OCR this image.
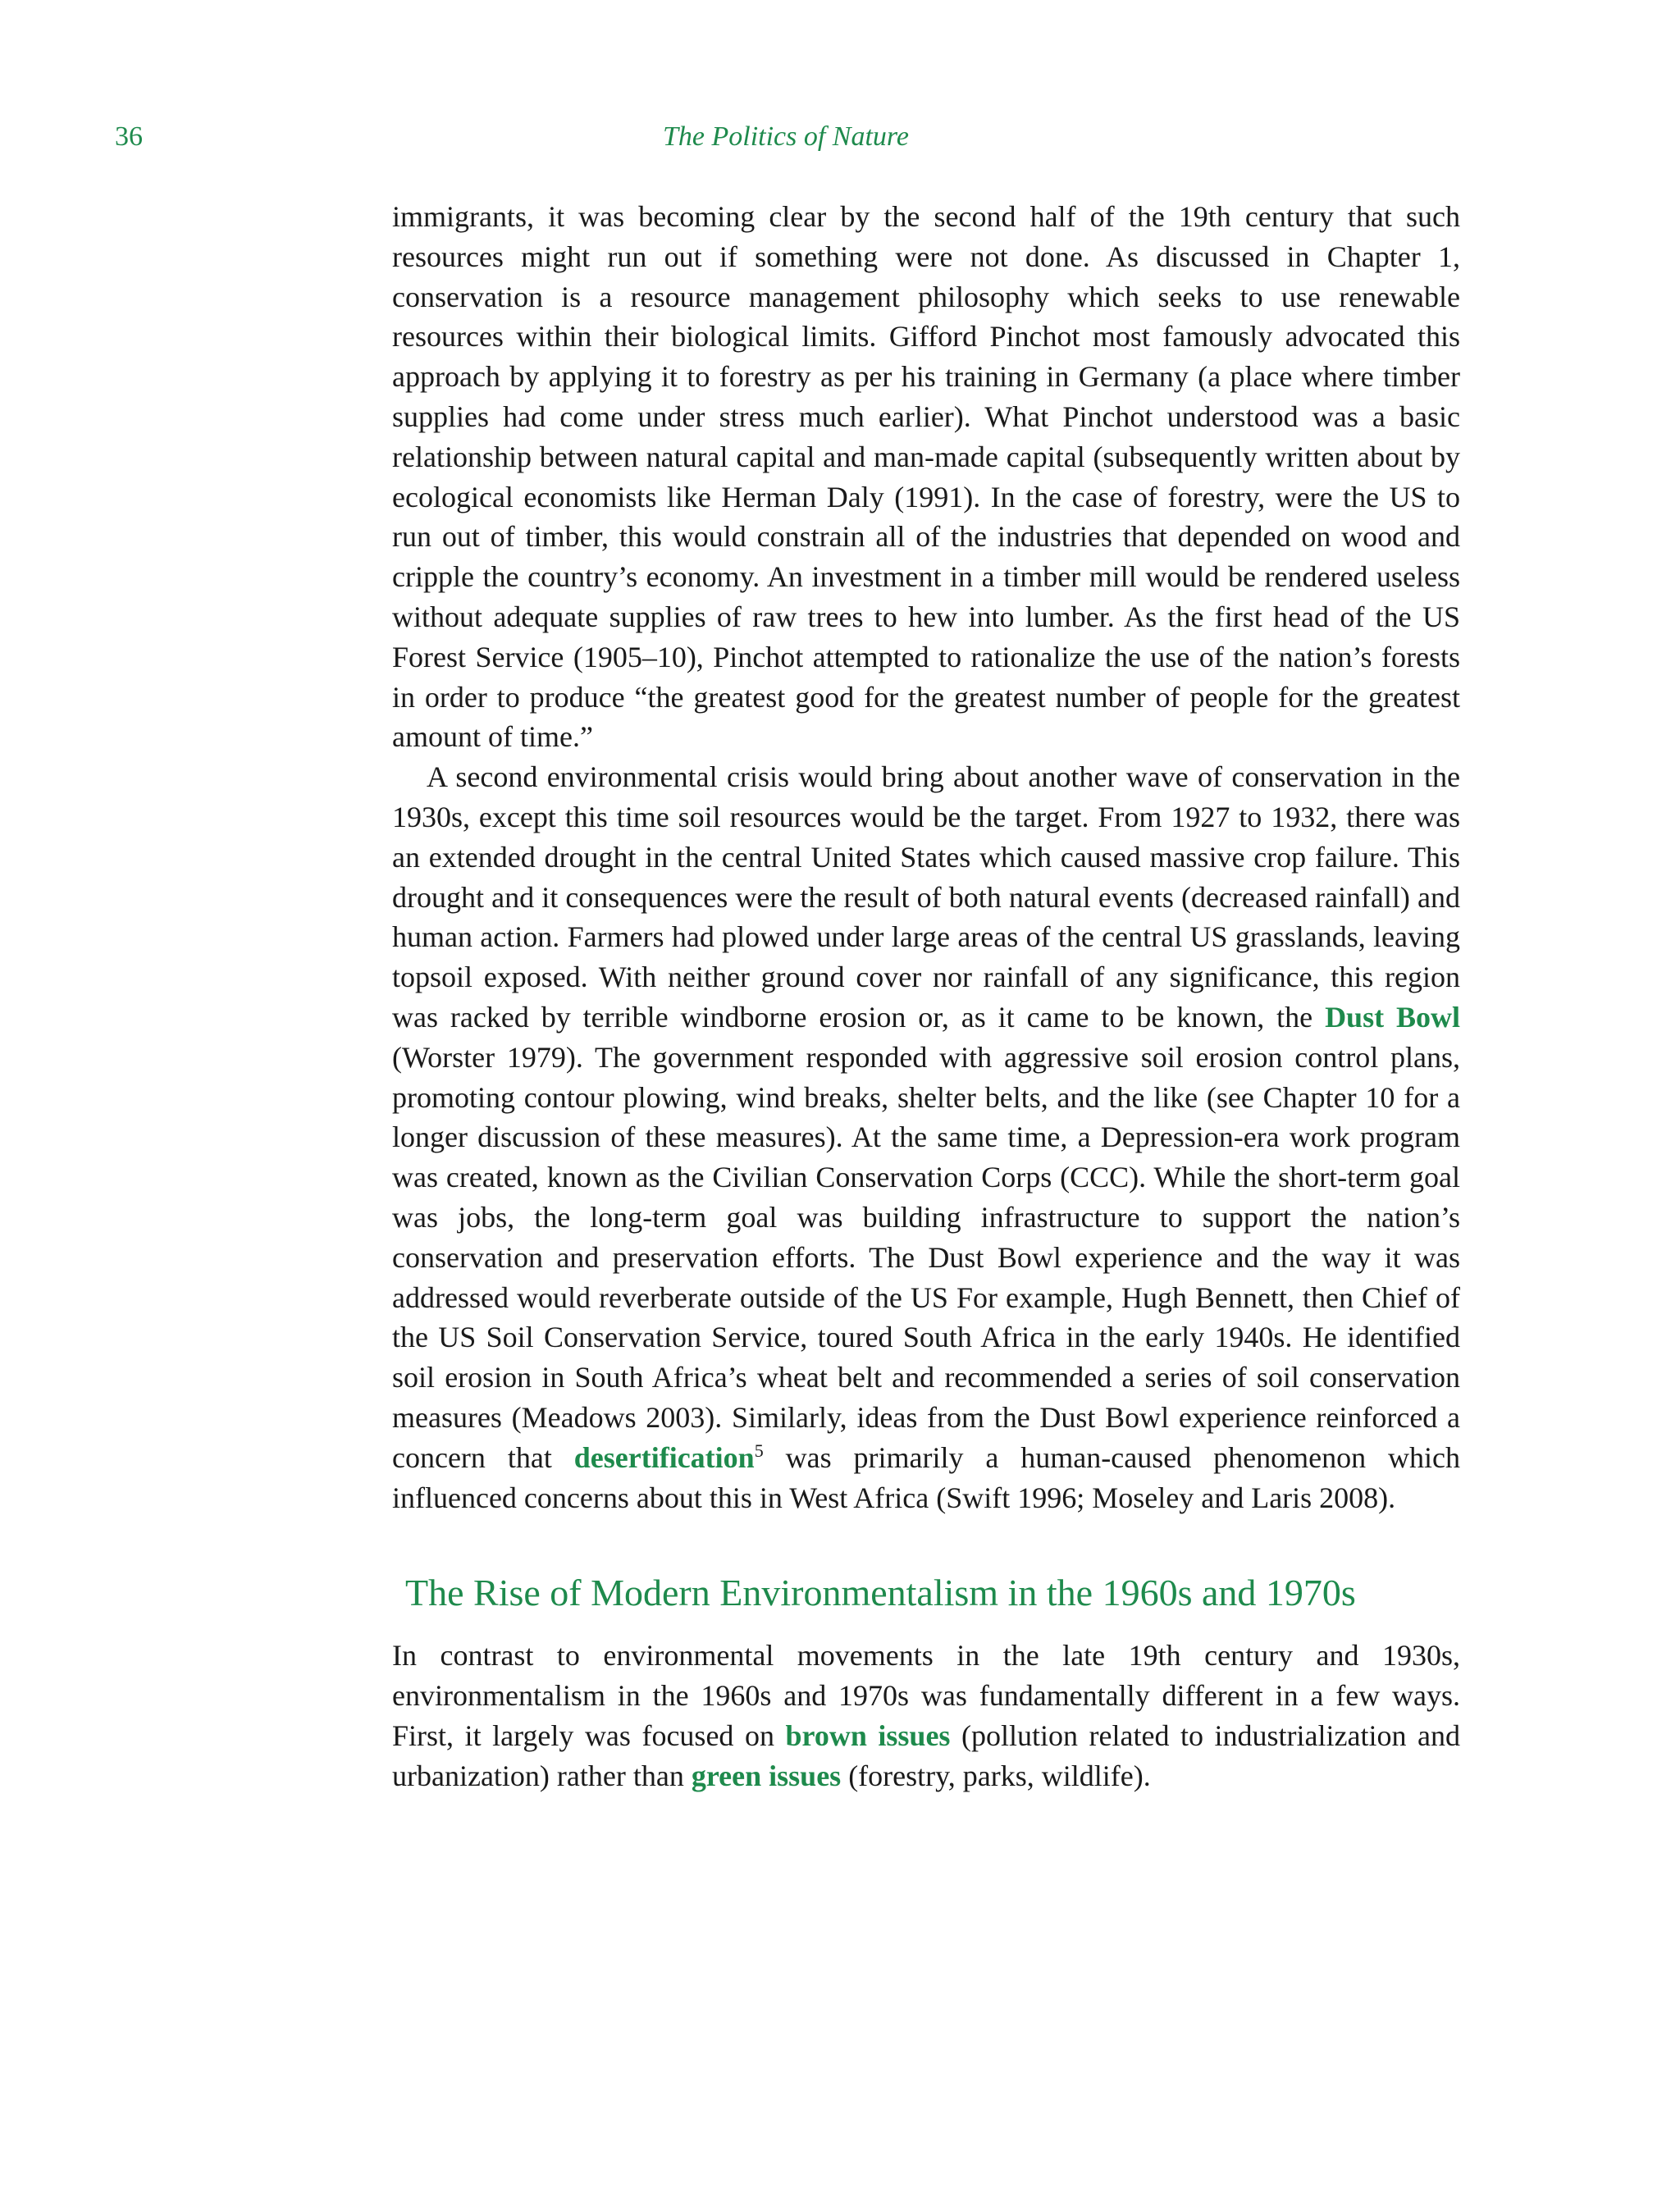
36	The Politics of Nature

immigrants, it was becoming clear by the second half of the 19th century that such resources might run out if something were not done. As discussed in Chapter 1, conservation is a resource management philosophy which seeks to use renewable resources within their biological limits. Gifford Pinchot most famously advocated this approach by applying it to forestry as per his training in Germany (a place where timber supplies had come under stress much earlier). What Pinchot understood was a basic relationship between natural capital and man-made capital (subsequently written about by ecological economists like Herman Daly (1991). In the case of forestry, were the US to run out of timber, this would constrain all of the industries that depended on wood and cripple the country’s economy. An investment in a timber mill would be rendered useless without adequate supplies of raw trees to hew into lumber. As the first head of the US Forest Service (1905–10), Pinchot attempted to rationalize the use of the nation’s forests in order to produce “the greatest good for the greatest number of people for the greatest amount of time.”

A second environmental crisis would bring about another wave of conservation in the 1930s, except this time soil resources would be the target. From 1927 to 1932, there was an extended drought in the central United States which caused massive crop failure. This drought and it consequences were the result of both natural events (decreased rainfall) and human action. Farmers had plowed under large areas of the central US grasslands, leaving topsoil exposed. With neither ground cover nor rainfall of any significance, this region was racked by terrible windborne erosion or, as it came to be known, the Dust Bowl (Worster 1979). The government responded with aggressive soil erosion control plans, promoting contour plowing, wind breaks, shelter belts, and the like (see Chapter 10 for a longer discussion of these measures). At the same time, a Depression-era work program was created, known as the Civilian Conservation Corps (CCC). While the short-term goal was jobs, the long-term goal was building infrastructure to support the nation’s conservation and preservation efforts. The Dust Bowl experience and the way it was addressed would reverberate outside of the US For example, Hugh Bennett, then Chief of the US Soil Conservation Service, toured South Africa in the early 1940s. He identified soil erosion in South Africa’s wheat belt and recommended a series of soil conservation measures (Meadows 2003). Similarly, ideas from the Dust Bowl experience reinforced a concern that desertification$^5$ was primarily a human-caused phenomenon which influenced concerns about this in West Africa (Swift 1996; Moseley and Laris 2008).

The Rise of Modern Environmentalism in the 1960s and 1970s

In contrast to environmental movements in the late 19th century and 1930s, environmentalism in the 1960s and 1970s was fundamentally different in a few ways. First, it largely was focused on brown issues (pollution related to industrialization and urbanization) rather than green issues (forestry, parks, wildlife).
